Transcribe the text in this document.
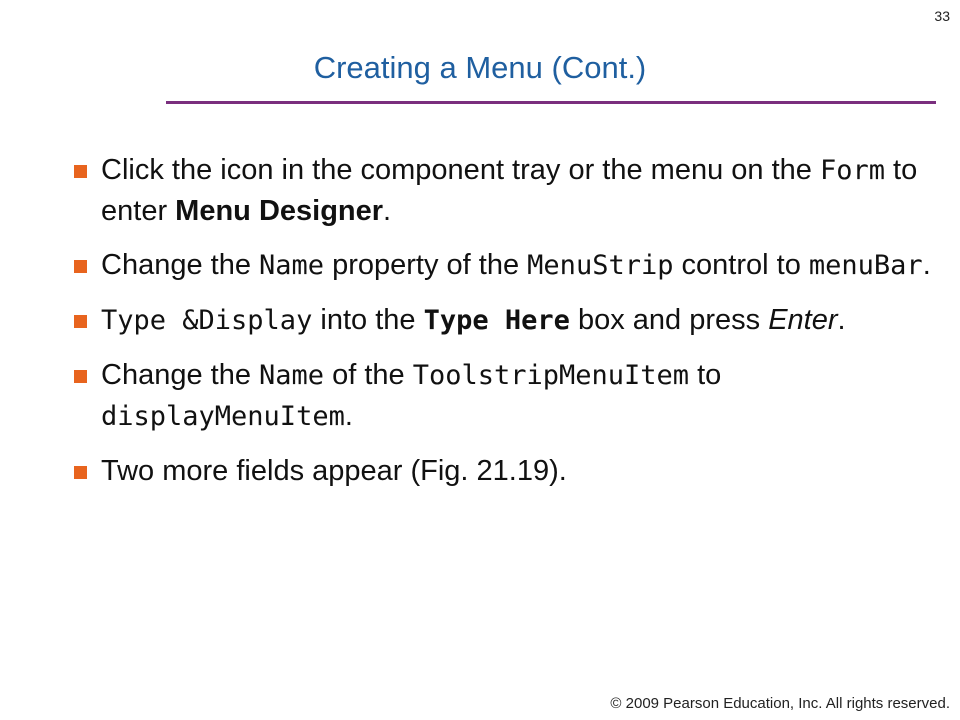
33
Creating a Menu (Cont.)
Click the icon in the component tray or the menu on the Form to enter Menu Designer.
Change the Name property of the MenuStrip control to menuBar.
Type &Display into the Type Here box and press Enter.
Change the Name of the ToolstripMenuItem to displayMenuItem.
Two more fields appear (Fig. 21.19).
© 2009 Pearson Education, Inc. All rights reserved.
